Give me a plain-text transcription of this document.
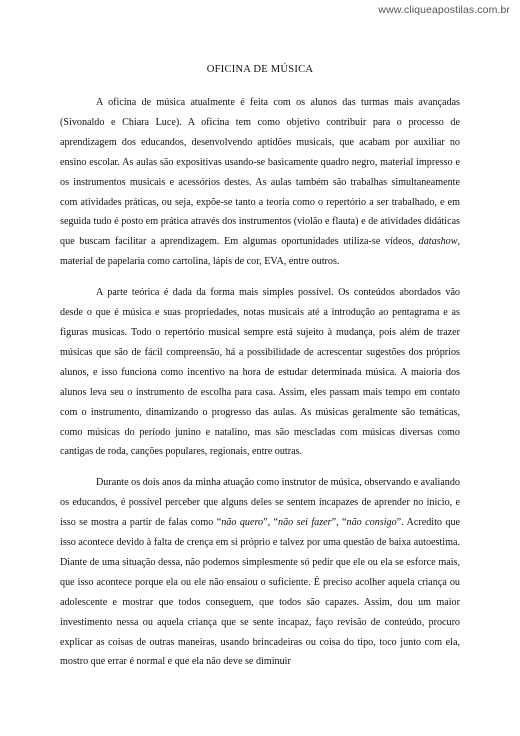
www.cliqueapostilas.com.br
OFICINA DE MÚSICA

A oficina de música atualmente é feita com os alunos das turmas mais avançadas (Sivonaldo e Chiara Luce). A oficina tem como objetivo contribuir para o processo de aprendizagem dos educandos, desenvolvendo aptidões musicais, que acabam por auxiliar no ensino escolar. As aulas são expositivas usando-se basicamente quadro negro, material impresso e os instrumentos musicais e acessórios destes. As aulas também são trabalhas simultaneamente com atividades práticas, ou seja, expõe-se tanto a teoria como o repertório a ser trabalhado, e em seguida tudo é posto em prática através dos instrumentos (violão e flauta) e de atividades didáticas que buscam facilitar a aprendizagem. Em algumas oportunidades utiliza-se vídeos, datashow, material de papelaria como cartolina, lápis de cor, EVA, entre outros.

A parte teórica é dada da forma mais simples possível. Os conteúdos abordados vão desde o que é música e suas propriedades, notas musicais até a introdução ao pentagrama e as figuras musicas. Todo o repertório musical sempre está sujeito à mudança, pois além de trazer músicas que são de fácil compreensão, há a possibilidade de acrescentar sugestões dos próprios alunos, e isso funciona como incentivo na hora de estudar determinada música. A maioria dos alunos leva seu o instrumento de escolha para casa. Assim, eles passam mais tempo em contato com o instrumento, dinamizando o progresso das aulas. As músicas geralmente são temáticas, como músicas do período junino e natalino, mas são mescladas com músicas diversas como cantigas de roda, canções populares, regionais, entre outras.

Durante os dois anos da minha atuação como instrutor de música, observando e avaliando os educandos, é possível perceber que alguns deles se sentem incapazes de aprender no início, e isso se mostra a partir de falas como “não quero”, “não sei fazer”, “não consigo”. Acredito que isso acontece devido à falta de crença em si próprio e talvez por uma questão de baixa autoestima. Diante de uma situação dessa, não podemos simplesmente só pedir que ele ou ela se esforce mais, que isso acontece porque ela ou ele não ensaiou o suficiente. É preciso acolher aquela criança ou adolescente e mostrar que todos conseguem, que todos são capazes. Assim, dou um maior investimento nessa ou aquela criança que se sente incapaz, faço revisão de conteúdo, procuro explicar as coisas de outras maneiras, usando brincadeiras ou coisa do tipo, toco junto com ela, mostro que errar é normal e que ela não deve se diminuir
